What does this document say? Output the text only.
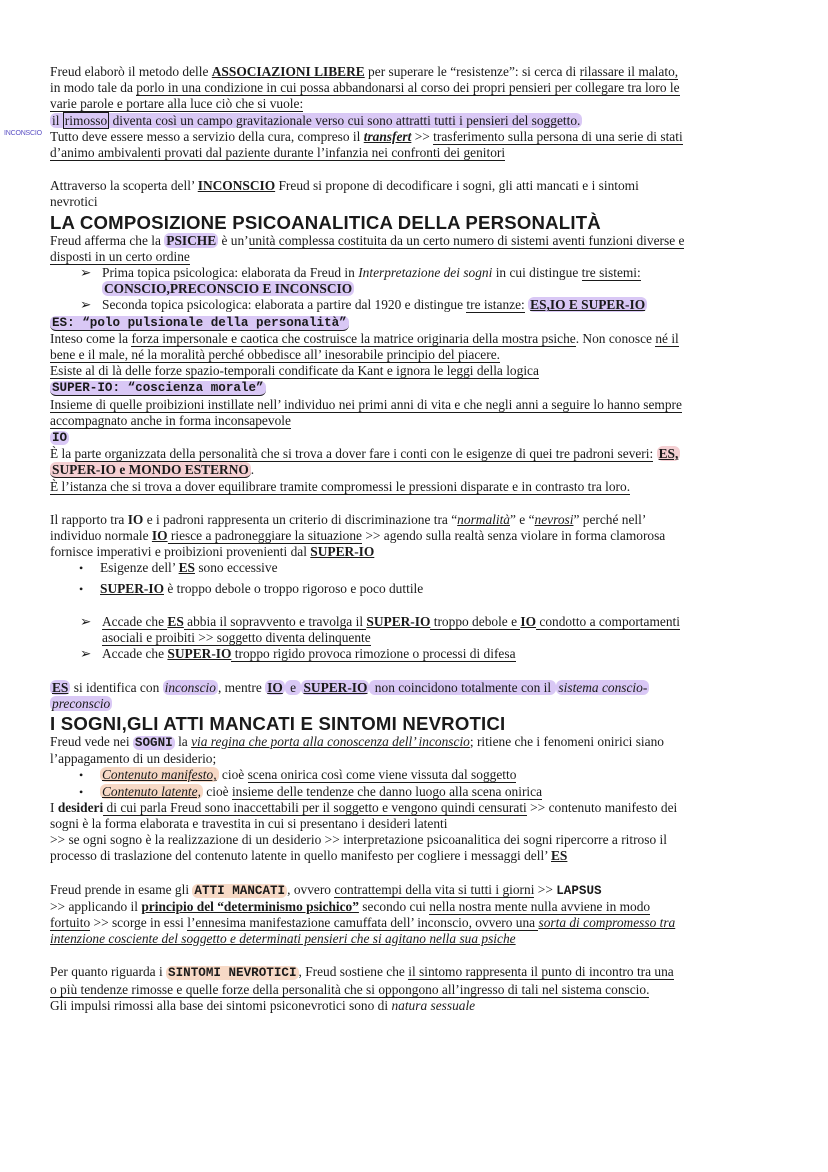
INCONSCIO

Freud elaborò il metodo delle ASSOCIAZIONI LIBERE per superare le “resistenze”: si cerca di rilassare il malato,
in modo tale da porlo in una condizione in cui possa abbandonarsi al corso dei propri pensieri per collegare tra loro le
varie parole e portare alla luce ciò che si vuole:

il rimosso diventa così un campo gravitazionale verso cui sono attratti tutti i pensieri del soggetto.

Tutto deve essere messo a servizio della cura, compreso il transfert >> trasferimento sulla persona di una serie di stati
d’animo ambivalenti provati dal paziente durante l’infanzia nei confronti dei genitori

Attraverso la scoperta dell’ INCONSCIO Freud si propone di decodificare i sogni, gli atti mancati e i sintomi
nevrotici

LA COMPOSIZIONE PSICOANALITICA DELLA PERSONALITÀ

Freud afferma che la PSICHE è un’unità complessa costituita da un certo numero di sistemi aventi funzioni diverse e
disposti in un certo ordine

➢ Prima topica psicologica: elaborata da Freud in Interpretazione dei sogni in cui distingue tre sistemi:
CONSCIO,PRECONSCIO E INCONSCIO
➢ Seconda topica psicologica: elaborata a partire dal 1920 e distingue tre istanze: ES,IO E SUPER-IO

ES: “polo pulsionale della personalità”

Inteso come la forza impersonale e caotica che costruisce la matrice originaria della mostra psiche. Non conosce né il
bene e il male, né la moralità perché obbedisce all’ inesorabile principio del piacere.
Esiste al di là delle forze spazio-temporali condificate da Kant e ignora le leggi della logica

SUPER-IO: “coscienza morale”

Insieme di quelle proibizioni instillate nell’ individuo nei primi anni di vita e che negli anni a seguire lo hanno sempre
accompagnato anche in forma inconsapevole

IO

È la parte organizzata della personalità che si trova a dover fare i conti con le esigenze di quei tre padroni severi: ES,
SUPER-IO e MONDO ESTERNO .
È l’istanza che si trova a dover equilibrare tramite compromessi le pressioni disparate e in contrasto tra loro.

Il rapporto tra IO e i padroni rappresenta un criterio di discriminazione tra “normalità” e “nevrosi” perché nell’
individuo normale IO riesce a padroneggiare la situazione >> agendo sulla realtà senza violare in forma clamorosa
fornisce imperativi e proibizioni provenienti dal SUPER-IO

• Esigenze dell’ ES sono eccessive
• SUPER-IO è troppo debole o troppo rigoroso e poco duttile
➢ Accade che ES abbia il sopravvento e travolga il SUPER-IO troppo debole e IO condotto a comportamenti
asociali e proibiti >> soggetto diventa delinquente
➢ Accade che SUPER-IO troppo rigido provoca rimozione o processi di difesa

ES si identifica con inconscio , mentre IO e SUPER-IO non coincidono totalmente con il sistema conscio-
preconscio

I SOGNI,GLI ATTI MANCATI E SINTOMI NEVROTICI

Freud vede nei SOGNI la via regina che porta alla conoscenza dell’ inconscio; ritiene che i fenomeni onirici siano
l’appagamento di un desiderio;

• Contenuto manifesto, cioè scena onirica così come viene vissuta dal soggetto
• Contenuto latente, cioè insieme delle tendenze che danno luogo alla scena onirica

I desideri di cui parla Freud sono inaccettabili per il soggetto e vengono quindi censurati >> contenuto manifesto dei
sogni è la forma elaborata e travestita in cui si presentano i desideri latenti
>> se ogni sogno è la realizzazione di un desiderio >> interpretazione psicoanalitica dei sogni ripercorre a ritroso il
processo di traslazione del contenuto latente in quello manifesto per cogliere i messaggi dell’ ES

Freud prende in esame gli ATTI MANCATI , ovvero contrattempi della vita si tutti i giorni >> LAPSUS
>> applicando il principio del “determinismo psichico” secondo cui nella nostra mente nulla avviene in modo
fortuito >> scorge in essi l’ennesima manifestazione camuffata dell’ inconscio, ovvero una sorta di compromesso tra
intenzione cosciente del soggetto e determinati pensieri che si agitano nella sua psiche

Per quanto riguarda i SINTOMI NEVROTICI , Freud sostiene che il sintomo rappresenta il punto di incontro tra una
o più tendenze rimosse e quelle forze della personalità che si oppongono all’ingresso di tali nel sistema conscio.
Gli impulsi rimossi alla base dei sintomi psiconevrotici sono di natura sessuale
